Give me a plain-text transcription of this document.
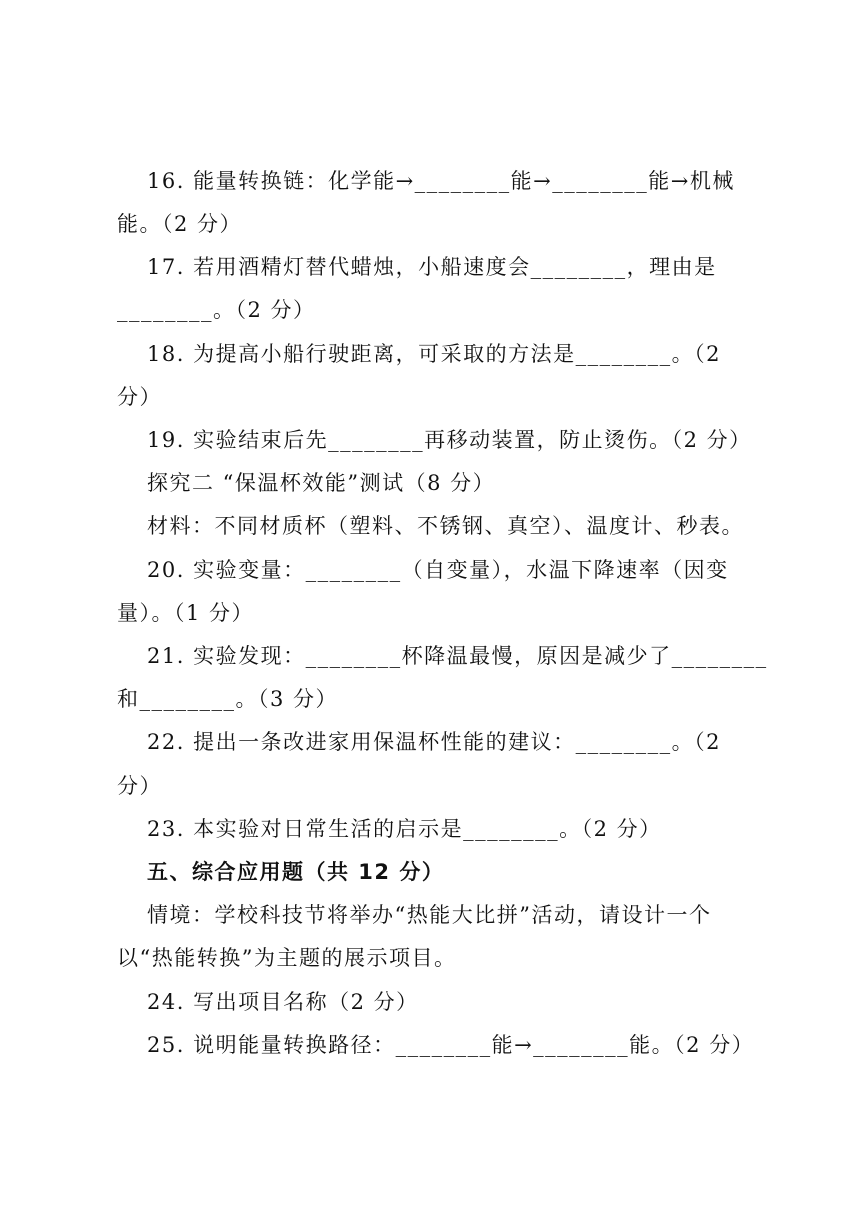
16. 能量转换链：化学能→________能→________能→机械
能。（2 分）
17. 若用酒精灯替代蜡烛，小船速度会________，理由是
________。（2 分）
18. 为提高小船行驶距离，可采取的方法是________。（2
分）
19. 实验结束后先________再移动装置，防止烫伤。（2 分）
探究二 “保温杯效能”测试（8 分）
材料：不同材质杯（塑料、不锈钢、真空）、温度计、秒表。
20. 实验变量：________（自变量），水温下降速率（因变
量）。（1 分）
21. 实验发现：________杯降温最慢，原因是减少了________
和________。（3 分）
22. 提出一条改进家用保温杯性能的建议：________。（2
分）
23. 本实验对日常生活的启示是________。（2 分）
五、综合应用题（共 12 分）
情境：学校科技节将举办“热能大比拼”活动，请设计一个
以“热能转换”为主题的展示项目。
24. 写出项目名称（2 分）
25. 说明能量转换路径：________能→________能。（2 分）
